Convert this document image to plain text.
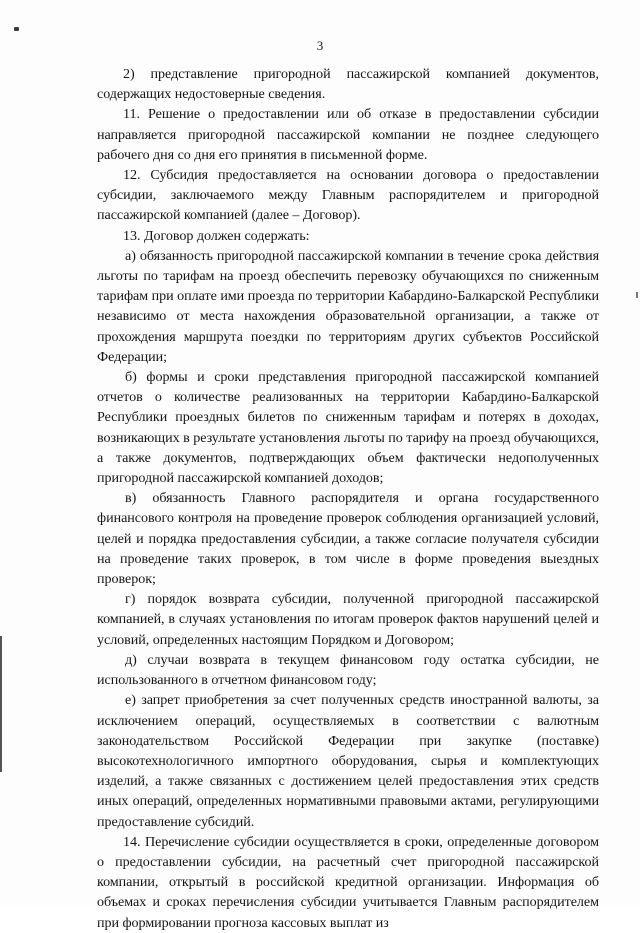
3

2) представление пригородной пассажирской компанией документов, содержащих недостоверные сведения.

11. Решение о предоставлении или об отказе в предоставлении субсидии направляется пригородной пассажирской компании не позднее следующего рабочего дня со дня его принятия в письменной форме.

12. Субсидия предоставляется на основании договора о предоставлении субсидии, заключаемого между Главным распорядителем и пригородной пассажирской компанией (далее – Договор).

13. Договор должен содержать:

а) обязанность пригородной пассажирской компании в течение срока действия льготы по тарифам на проезд обеспечить перевозку обучающихся по сниженным тарифам при оплате ими проезда по территории Кабардино-Балкарской Республики независимо от места нахождения образовательной организации, а также от прохождения маршрута поездки по территориям других субъектов Российской Федерации;

б) формы и сроки представления пригородной пассажирской компанией отчетов о количестве реализованных на территории Кабардино-Балкарской Республики проездных билетов по сниженным тарифам и потерях в доходах, возникающих в результате установления льготы по тарифу на проезд обучающихся, а также документов, подтверждающих объем фактически недополученных пригородной пассажирской компанией доходов;

в) обязанность Главного распорядителя и органа государственного финансового контроля на проведение проверок соблюдения организацией условий, целей и порядка предоставления субсидии, а также согласие получателя субсидии на проведение таких проверок, в том числе в форме проведения выездных проверок;

г) порядок возврата субсидии, полученной пригородной пассажирской компанией, в случаях установления по итогам проверок фактов нарушений целей и условий, определенных настоящим Порядком и Договором;

д) случаи возврата в текущем финансовом году остатка субсидии, не использованного в отчетном финансовом году;

е) запрет приобретения за счет полученных средств иностранной валюты, за исключением операций, осуществляемых в соответствии с валютным законодательством Российской Федерации при закупке (поставке) высокотехнологичного импортного оборудования, сырья и комплектующих изделий, а также связанных с достижением целей предоставления этих средств иных операций, определенных нормативными правовыми актами, регулирующими предоставление субсидий.

14. Перечисление субсидии осуществляется в сроки, определенные договором о предоставлении субсидии, на расчетный счет пригородной пассажирской компании, открытый в российской кредитной организации. Информация об объемах и сроках перечисления субсидии учитывается Главным распорядителем при формировании прогноза кассовых выплат из
